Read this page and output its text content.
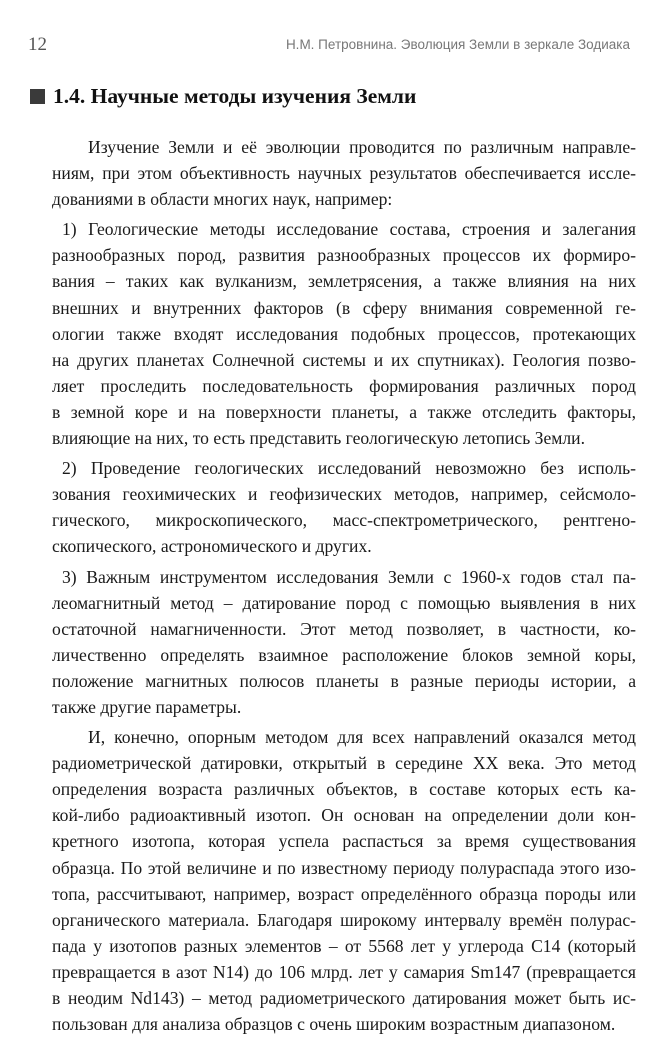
12	Н.М. Петровнина. Эволюция Земли в зеркале Зодиака
1.4. Научные методы изучения Земли
Изучение Земли и её эволюции проводится по различным направле-
ниям, при этом объективность научных результатов обеспечивается иссле-
дованиями в области многих наук, например:
1) Геологические методы исследование состава, строения и залегания
разнообразных пород, развития разнообразных процессов их формиро-
вания – таких как вулканизм, землетрясения, а также влияния на них
внешних и внутренних факторов (в сферу внимания современной ге-
ологии также входят исследования подобных процессов, протекающих
на других планетах Солнечной системы и их спутниках). Геология позво-
ляет проследить последовательность формирования различных пород
в земной коре и на поверхности планеты, а также отследить факторы,
влияющие на них, то есть представить геологическую летопись Земли.
2) Проведение геологических исследований невозможно без исполь-
зования геохимических и геофизических методов, например, сейсмоло-
гического, микроскопического, масс-спектрометрического, рентгено-
скопического, астрономического и других.
3) Важным инструментом исследования Земли с 1960-х годов стал па-
леомагнитный метод – датирование пород с помощью выявления в них
остаточной намагниченности. Этот метод позволяет, в частности, ко-
личественно определять взаимное расположение блоков земной коры,
положение магнитных полюсов планеты в разные периоды истории, а
также другие параметры.
И, конечно, опорным методом для всех направлений оказался метод
радиометрической датировки, открытый в середине XX века. Это метод
определения возраста различных объектов, в составе которых есть ка-
кой-либо радиоактивный изотоп. Он основан на определении доли кон-
кретного изотопа, которая успела распасться за время существования
образца. По этой величине и по известному периоду полураспада этого изо-
топа, рассчитывают, например, возраст определённого образца породы или
органического материала. Благодаря широкому интервалу времён полурас-
пада у изотопов разных элементов – от 5568 лет у углерода С14 (который
превращается в азот N14) до 106 млрд. лет у самария Sm147 (превращается
в неодим Nd143) – метод радиометрического датирования может быть ис-
пользован для анализа образцов с очень широким возрастным диапазоном.
